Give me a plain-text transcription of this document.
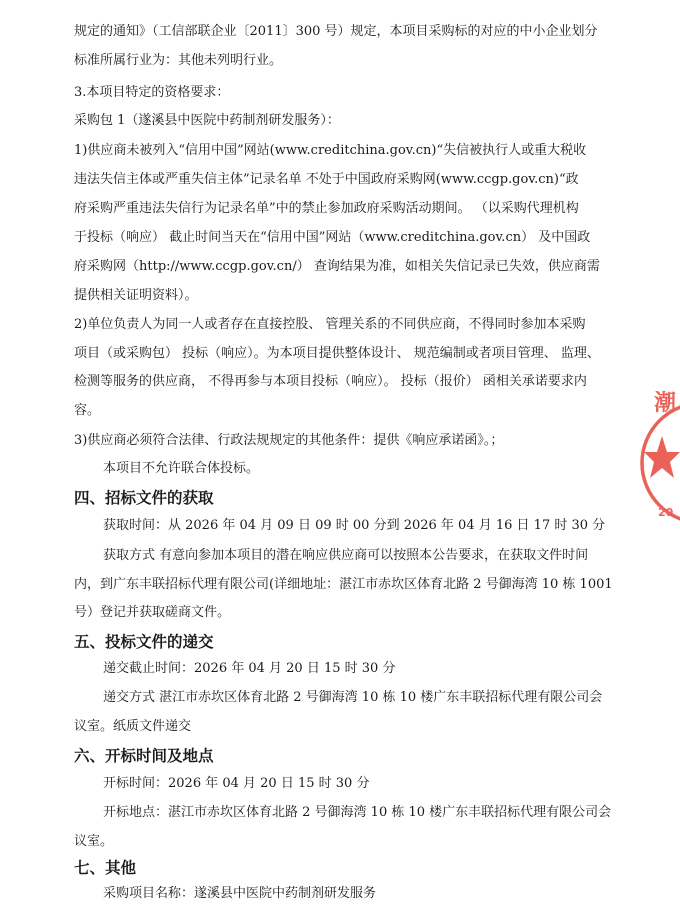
规定的通知》（工信部联企业〔2011〕300 号）规定，本项目采购标的对应的中小企业划分
标准所属行业为：其他未列明行业。
3.本项目特定的资格要求：
采购包 1（遂溪县中医院中药制剂研发服务）：
1)供应商未被列入“信用中国”网站(www.creditchina.gov.cn)“失信被执行人或重大税收
违法失信主体或严重失信主体”记录名单 不处于中国政府采购网(www.ccgp.gov.cn)“政
府采购严重违法失信行为记录名单”中的禁止参加政府采购活动期间。 （以采购代理机构
于投标（响应） 截止时间当天在“信用中国”网站（www.creditchina.gov.cn） 及中国政
府采购网（http://www.ccgp.gov.cn/） 查询结果为准，如相关失信记录已失效，供应商需
提供相关证明资料）。
2)单位负责人为同一人或者存在直接控股、 管理关系的不同供应商，不得同时参加本采购
项目（或采购包） 投标（响应）。为本项目提供整体设计、 规范编制或者项目管理、 监理、
检测等服务的供应商， 不得再参与本项目投标（响应）。 投标（报价） 函相关承诺要求内
容。
3)供应商必须符合法律、行政法规规定的其他条件：提供《响应承诺函》。；
本项目不允许联合体投标。
四、招标文件的获取
获取时间：从 2026 年 04 月 09 日 09 时 00 分到 2026 年 04 月 16 日 17 时 30 分
获取方式 有意向参加本项目的潜在响应供应商可以按照本公告要求，在获取文件时间
内，到广东丰联招标代理有限公司(详细地址：湛江市赤坎区体育北路 2 号御海湾 10 栋 1001
号）登记并获取磋商文件。
五、投标文件的递交
递交截止时间：2026 年 04 月 20 日 15 时 30 分
递交方式 湛江市赤坎区体育北路 2 号御海湾 10 栋 10 楼广东丰联招标代理有限公司会
议室。纸质文件递交
六、开标时间及地点
开标时间：2026 年 04 月 20 日 15 时 30 分
开标地点：湛江市赤坎区体育北路 2 号御海湾 10 栋 10 楼广东丰联招标代理有限公司会
议室。
七、其他
采购项目名称：遂溪县中医院中药制剂研发服务
潮
20
